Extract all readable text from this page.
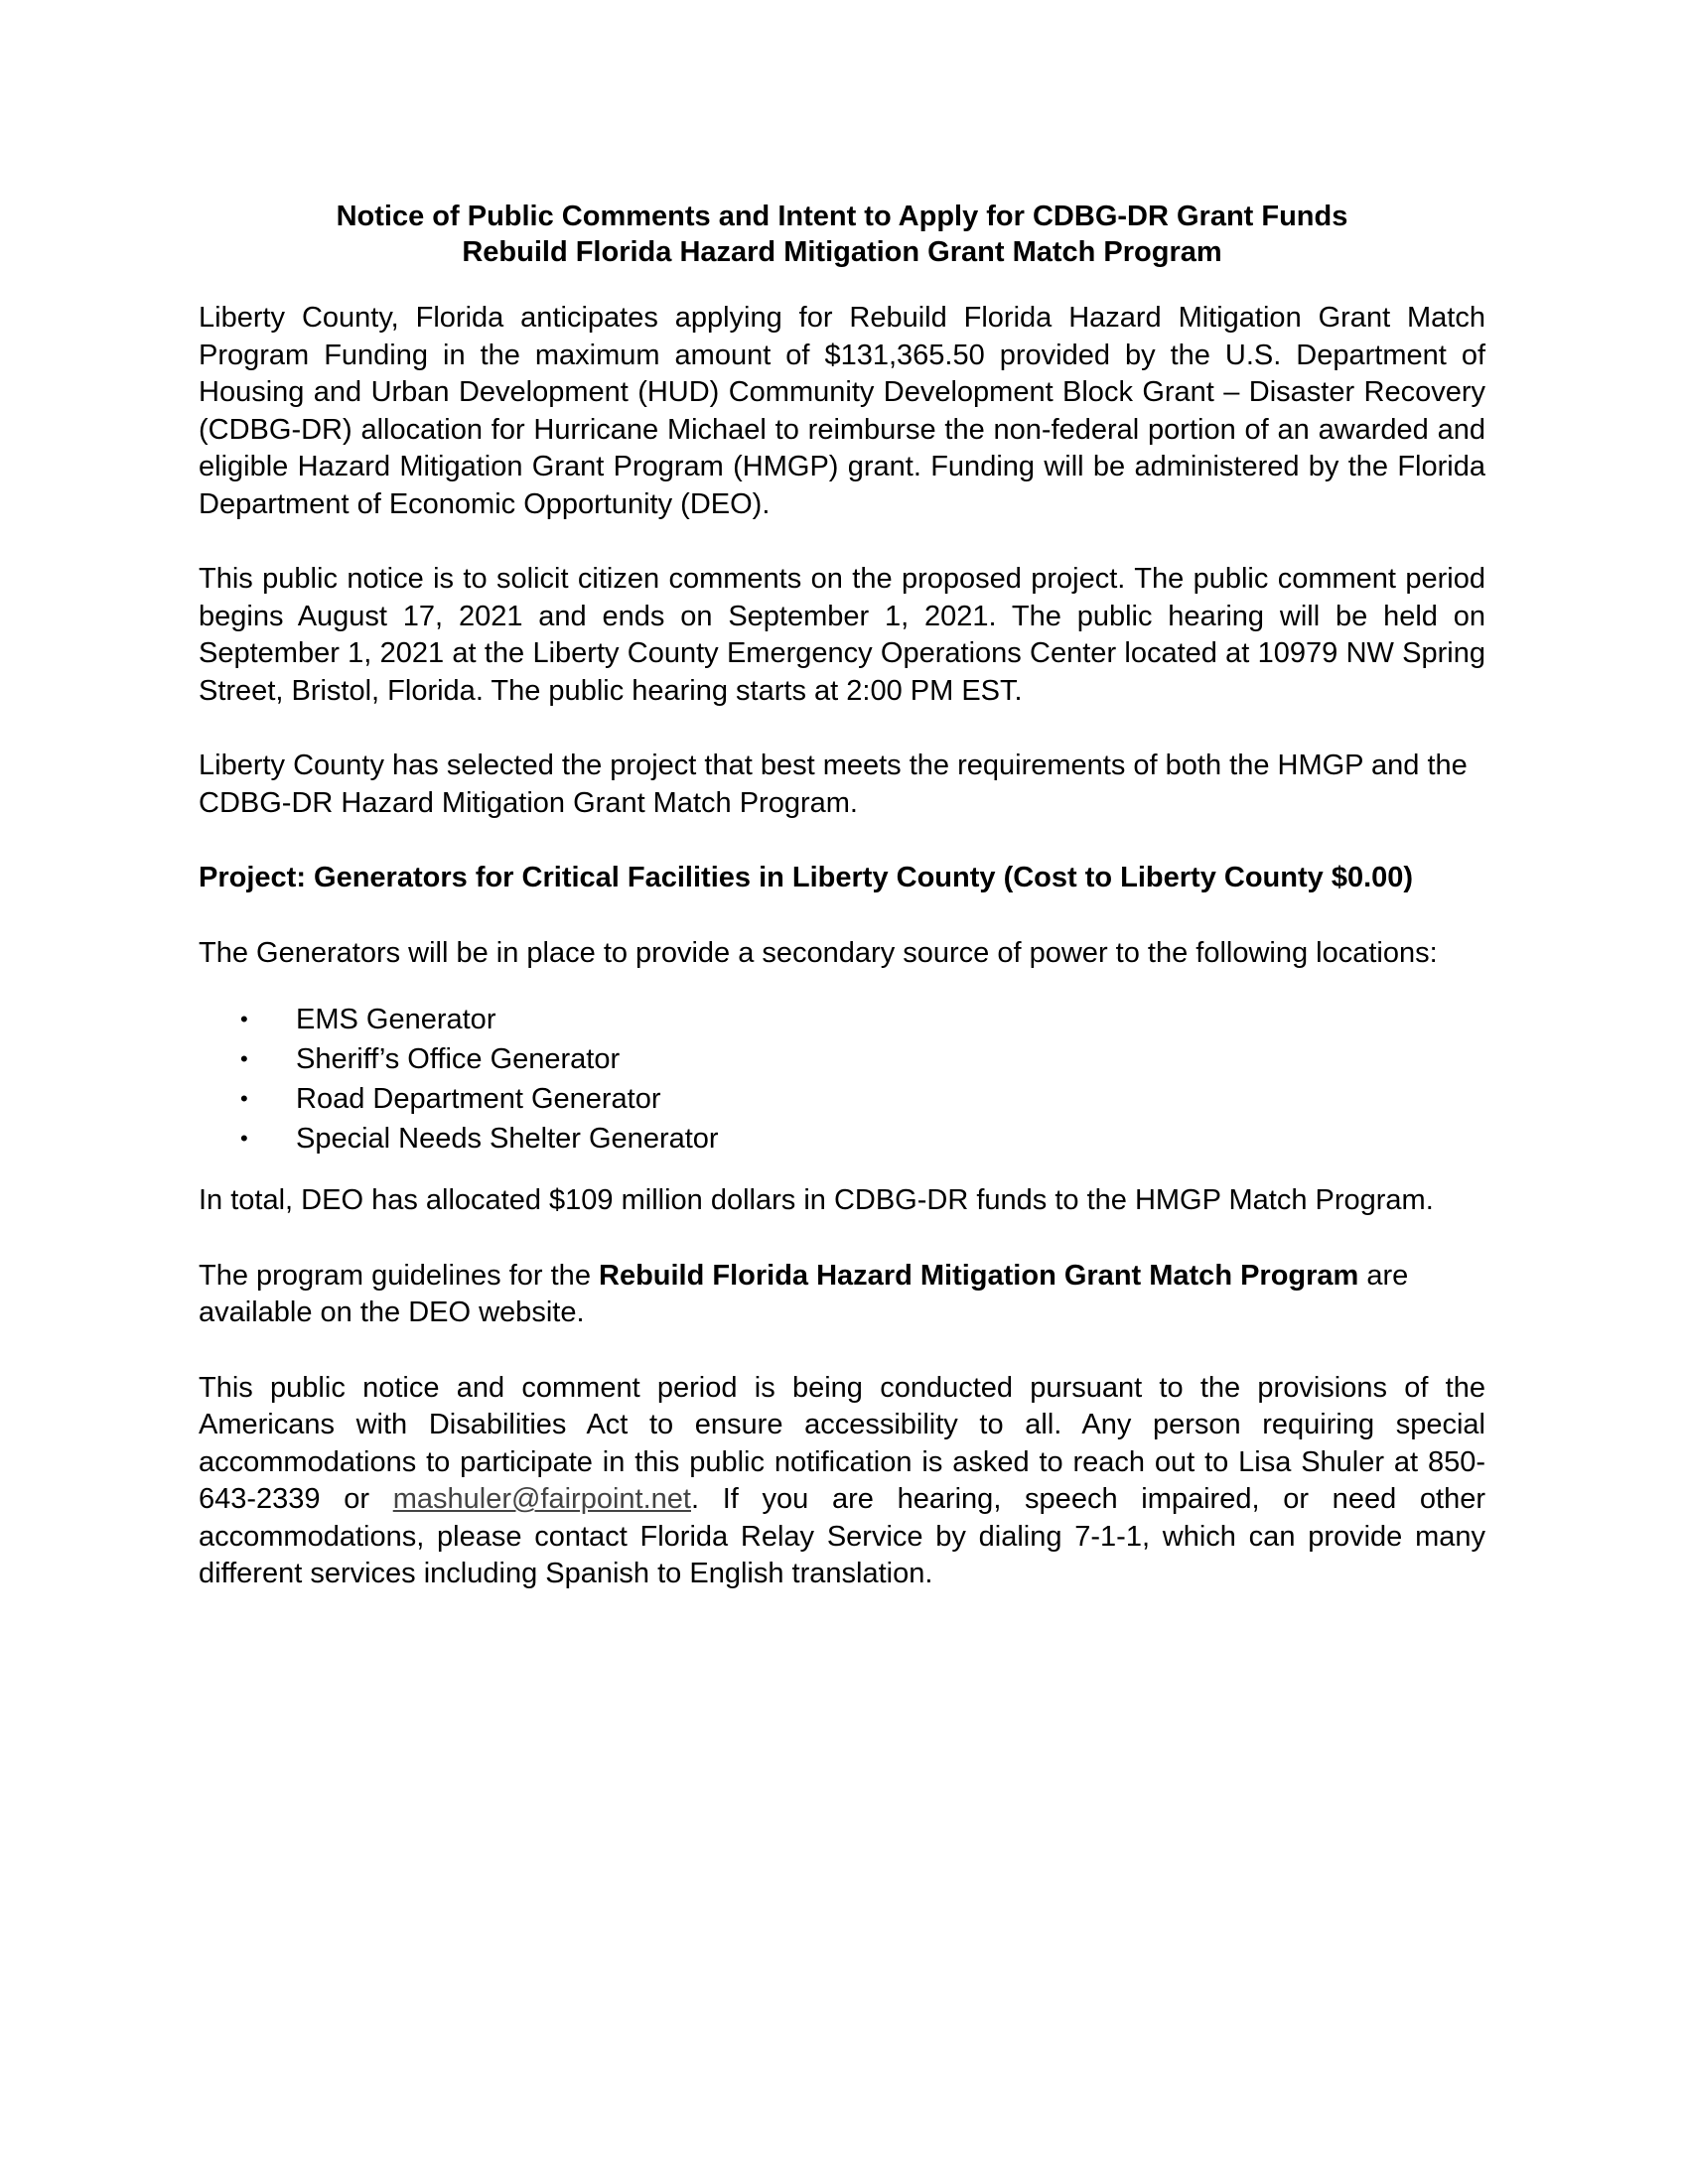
Notice of Public Comments and Intent to Apply for CDBG-DR Grant Funds
Rebuild Florida Hazard Mitigation Grant Match Program

Liberty County, Florida anticipates applying for Rebuild Florida Hazard Mitigation Grant Match Program Funding in the maximum amount of $131,365.50 provided by the U.S. Department of Housing and Urban Development (HUD) Community Development Block Grant – Disaster Recovery (CDBG-DR) allocation for Hurricane Michael to reimburse the non-federal portion of an awarded and eligible Hazard Mitigation Grant Program (HMGP) grant. Funding will be administered by the Florida Department of Economic Opportunity (DEO).

This public notice is to solicit citizen comments on the proposed project. The public comment period begins August 17, 2021 and ends on September 1, 2021. The public hearing will be held on September 1, 2021 at the Liberty County Emergency Operations Center located at 10979 NW Spring Street, Bristol, Florida. The public hearing starts at 2:00 PM EST.

Liberty County has selected the project that best meets the requirements of both the HMGP and the CDBG-DR Hazard Mitigation Grant Match Program.

Project: Generators for Critical Facilities in Liberty County (Cost to Liberty County $0.00)

The Generators will be in place to provide a secondary source of power to the following locations:

• EMS Generator
• Sheriff’s Office Generator
• Road Department Generator
• Special Needs Shelter Generator

In total, DEO has allocated $109 million dollars in CDBG-DR funds to the HMGP Match Program.

The program guidelines for the Rebuild Florida Hazard Mitigation Grant Match Program are available on the DEO website.

This public notice and comment period is being conducted pursuant to the provisions of the Americans with Disabilities Act to ensure accessibility to all. Any person requiring special accommodations to participate in this public notification is asked to reach out to Lisa Shuler at 850-643-2339 or mashuler@fairpoint.net. If you are hearing, speech impaired, or need other accommodations, please contact Florida Relay Service by dialing 7-1-1, which can provide many different services including Spanish to English translation.
